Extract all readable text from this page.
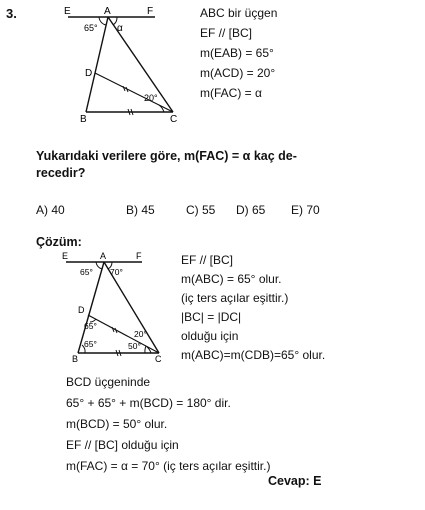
3.	E	A	F
65° α
D
20°
B	C
ABC bir üçgen
EF // [BC]
m(EAB) = 65°
m(ACD) = 20°
m(FAC) = α
Yukarıdaki verilere göre, m(FAC) = α kaç de-
recedir?
A) 40	B) 45	C) 55 D) 65 E) 70
Çözüm:
E	A	F
65° 70°
D
65°
20°
65°	50°
B	C
EF // [BC]
m(ABC) = 65° olur.
(iç ters açılar eşittir.)
|BC| = |DC|
olduğu için
m(ABC)=m(CDB)=65° olur.
BCD üçgeninde
65° + 65° + m(BCD) = 180° dir.
m(BCD) = 50° olur.
EF // [BC] olduğu için
m(FAC) = α = 70° (iç ters açılar eşittir.)
Cevap: E
